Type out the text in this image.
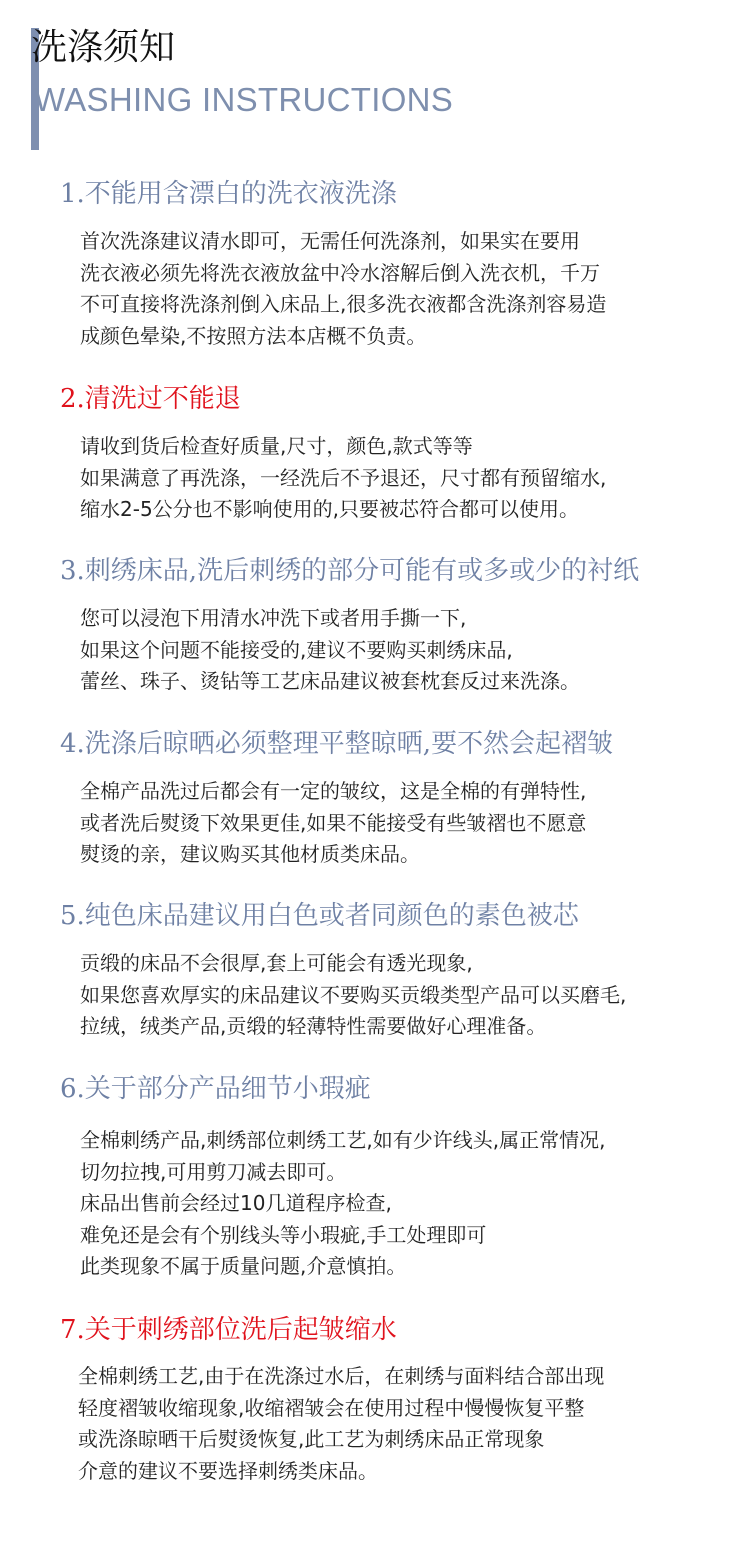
洗涤须知
WASHING INSTRUCTIONS
1.不能用含漂白的洗衣液洗涤
首次洗涤建议清水即可，无需任何洗涤剂，如果实在要用
洗衣液必须先将洗衣液放盆中冷水溶解后倒入洗衣机，千万
不可直接将洗涤剂倒入床品上,很多洗衣液都含洗涤剂容易造
成颜色晕染,不按照方法本店概不负责。
2.清洗过不能退
请收到货后检查好质量,尺寸，颜色,款式等等
如果满意了再洗涤，一经洗后不予退还，尺寸都有预留缩水,
缩水2-5公分也不影响使用的,只要被芯符合都可以使用。
3.刺绣床品,洗后刺绣的部分可能有或多或少的衬纸
您可以浸泡下用清水冲洗下或者用手撕一下,
如果这个问题不能接受的,建议不要购买刺绣床品,
蕾丝、珠子、烫钻等工艺床品建议被套枕套反过来洗涤。
4.洗涤后晾晒必须整理平整晾晒,要不然会起褶皱
全棉产品洗过后都会有一定的皱纹，这是全棉的有弹特性,
或者洗后熨烫下效果更佳,如果不能接受有些皱褶也不愿意
熨烫的亲，建议购买其他材质类床品。
5.纯色床品建议用白色或者同颜色的素色被芯
贡缎的床品不会很厚,套上可能会有透光现象,
如果您喜欢厚实的床品建议不要购买贡缎类型产品可以买磨毛,
拉绒，绒类产品,贡缎的轻薄特性需要做好心理准备。
6.关于部分产品细节小瑕疵
全棉刺绣产品,刺绣部位刺绣工艺,如有少许线头,属正常情况,
切勿拉拽,可用剪刀减去即可。
床品出售前会经过10几道程序检查,
难免还是会有个别线头等小瑕疵,手工处理即可
此类现象不属于质量问题,介意慎拍。
7.关于刺绣部位洗后起皱缩水
全棉刺绣工艺,由于在洗涤过水后，在刺绣与面料结合部出现
轻度褶皱收缩现象,收缩褶皱会在使用过程中慢慢恢复平整
或洗涤晾晒干后熨烫恢复,此工艺为刺绣床品正常现象
介意的建议不要选择刺绣类床品。
